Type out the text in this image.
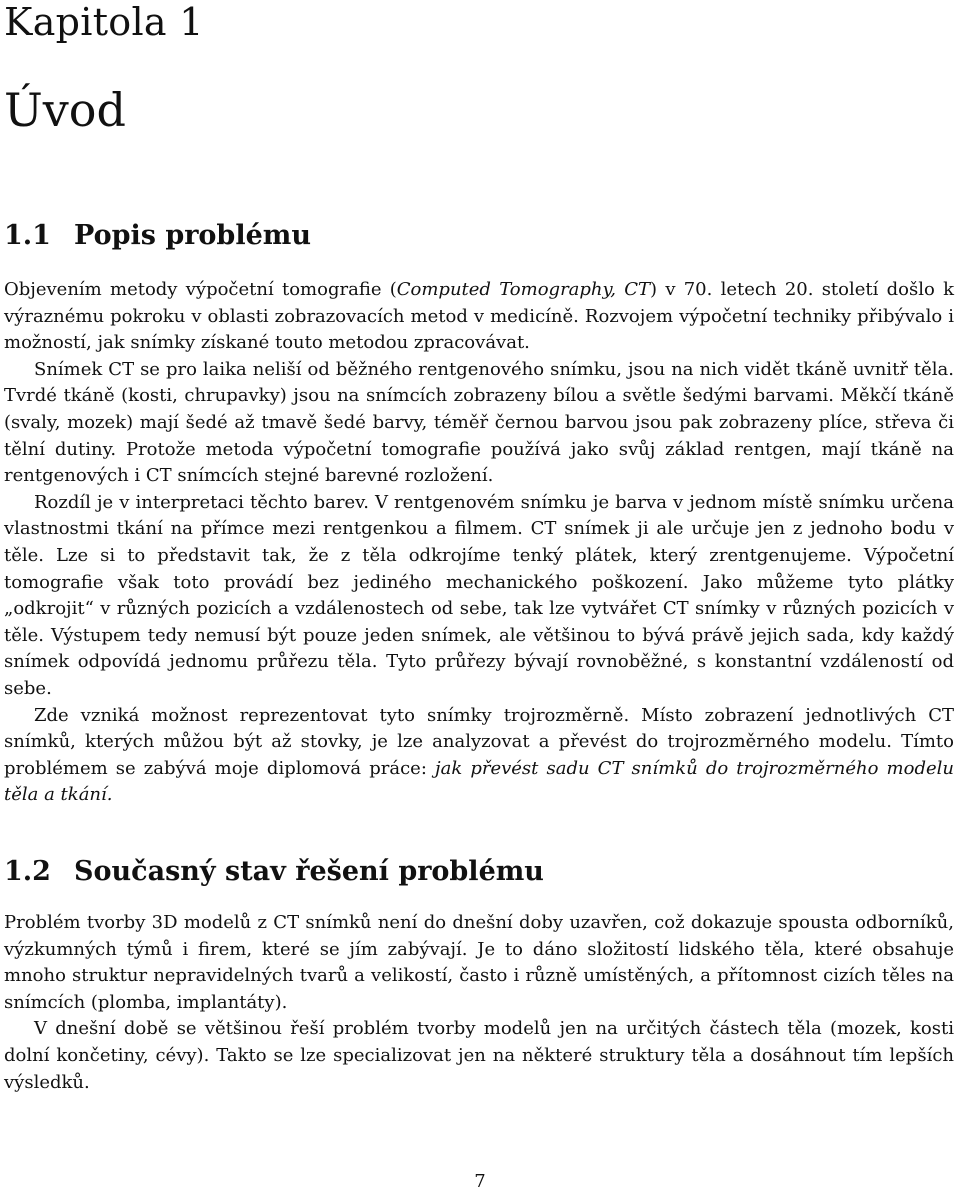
Kapitola 1
Úvod
1.1 Popis problému

Objevením metody výpočetní tomografie (Computed Tomography, CT) v 70. letech 20. století došlo k výraznému pokroku v oblasti zobrazovacích metod v medicíně. Rozvojem výpočetní techniky přibývalo i možností, jak snímky získané touto metodou zpracovávat.

Snímek CT se pro laika neliší od běžného rentgenového snímku, jsou na nich vidět tkáně uvnitř těla. Tvrdé tkáně (kosti, chrupavky) jsou na snímcích zobrazeny bílou a světle šedými barvami. Měkčí tkáně (svaly, mozek) mají šedé až tmavě šedé barvy, téměř černou barvou jsou pak zobrazeny plíce, střeva či tělní dutiny. Protože metoda výpočetní tomografie používá jako svůj základ rentgen, mají tkáně na rentgenových i CT snímcích stejné barevné rozložení.

Rozdíl je v interpretaci těchto barev. V rentgenovém snímku je barva v jednom místě snímku určena vlastnostmi tkání na přímce mezi rentgenkou a filmem. CT snímek ji ale určuje jen z jednoho bodu v těle. Lze si to představit tak, že z těla odkrojíme tenký plátek, který zrentgenujeme. Výpočetní tomografie však toto provádí bez jediného mechanického poškození. Jako můžeme tyto plátky „odkrojit“ v různých pozicích a vzdálenostech od sebe, tak lze vytvářet CT snímky v různých pozicích v těle. Výstupem tedy nemusí být pouze jeden snímek, ale většinou to bývá právě jejich sada, kdy každý snímek odpovídá jednomu průřezu těla. Tyto průřezy bývají rovnoběžné, s konstantní vzdáleností od sebe.

Zde vzniká možnost reprezentovat tyto snímky trojrozměrně. Místo zobrazení jednotlivých CT snímků, kterých můžou být až stovky, je lze analyzovat a převést do trojrozměrného modelu. Tímto problémem se zabývá moje diplomová práce: jak převést sadu CT snímků do trojrozměrného modelu těla a tkání.

1.2 Současný stav řešení problému

Problém tvorby 3D modelů z CT snímků není do dnešní doby uzavřen, což dokazuje spousta odborníků, výzkumných týmů i firem, které se jím zabývají. Je to dáno složitostí lidského těla, které obsahuje mnoho struktur nepravidelných tvarů a velikostí, často i různě umístěných, a přítomnost cizích těles na snímcích (plomba, implantáty).

V dnešní době se většinou řeší problém tvorby modelů jen na určitých částech těla (mozek, kosti dolní končetiny, cévy). Takto se lze specializovat jen na některé struktury těla a dosáhnout tím lepších výsledků.

7
